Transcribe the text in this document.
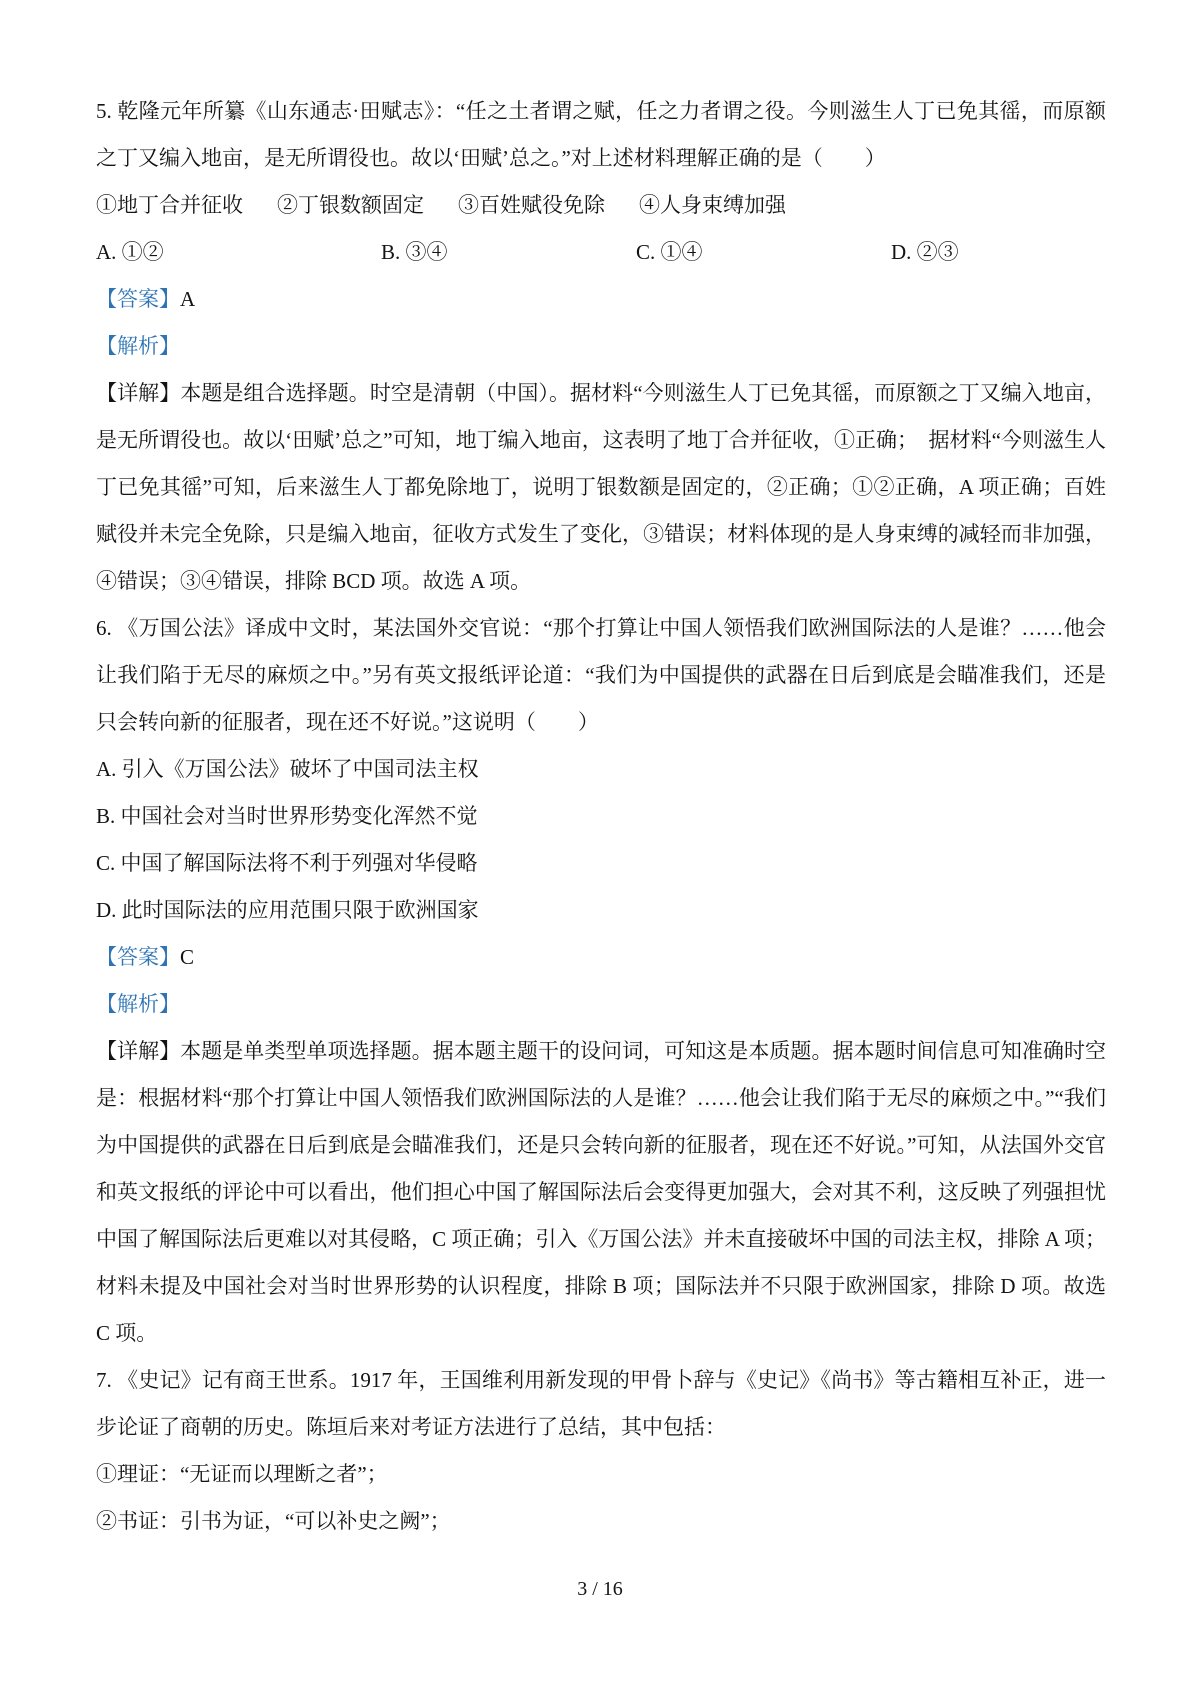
5. 乾隆元年所纂《山东通志·田赋志》：“任之土者谓之赋，任之力者谓之役。今则滋生人丁已免其徭，而原额之丁又编入地亩，是无所谓役也。故以‘田赋’总之。”对上述材料理解正确的是（　　）

①地丁合并征收 ②丁银数额固定 ③百姓赋役免除 ④人身束缚加强
A. ①②	B. ③④	C. ①④	D. ②③

【答案】A

【解析】

【详解】本题是组合选择题。时空是清朝（中国）。据材料“今则滋生人丁已免其徭，而原额之丁又编入地亩，是无所谓役也。故以‘田赋’总之”可知，地丁编入地亩，这表明了地丁合并征收，①正确；　据材料“今则滋生人丁已免其徭”可知，后来滋生人丁都免除地丁，说明丁银数额是固定的，②正确；①②正确，A 项正确；百姓赋役并未完全免除，只是编入地亩，征收方式发生了变化，③错误；材料体现的是人身束缚的减轻而非加强，④错误；③④错误，排除 BCD 项。故选 A 项。

6. 《万国公法》译成中文时，某法国外交官说：“那个打算让中国人领悟我们欧洲国际法的人是谁？……他会让我们陷于无尽的麻烦之中。”另有英文报纸评论道：“我们为中国提供的武器在日后到底是会瞄准我们，还是只会转向新的征服者，现在还不好说。”这说明（　　）

A. 引入《万国公法》破坏了中国司法主权

B. 中国社会对当时世界形势变化浑然不觉

C. 中国了解国际法将不利于列强对华侵略

D. 此时国际法的应用范围只限于欧洲国家

【答案】C

【解析】

【详解】本题是单类型单项选择题。据本题主题干的设问词，可知这是本质题。据本题时间信息可知准确时空是：根据材料“那个打算让中国人领悟我们欧洲国际法的人是谁？……他会让我们陷于无尽的麻烦之中。”“我们为中国提供的武器在日后到底是会瞄准我们，还是只会转向新的征服者，现在还不好说。”可知，从法国外交官和英文报纸的评论中可以看出，他们担心中国了解国际法后会变得更加强大，会对其不利，这反映了列强担忧中国了解国际法后更难以对其侵略，C 项正确；引入《万国公法》并未直接破坏中国的司法主权，排除 A 项；材料未提及中国社会对当时世界形势的认识程度，排除 B 项；国际法并不只限于欧洲国家，排除 D 项。故选 C 项。

7. 《史记》记有商王世系。1917 年，王国维利用新发现的甲骨卜辞与《史记》《尚书》等古籍相互补正，进一步论证了商朝的历史。陈垣后来对考证方法进行了总结，其中包括：

①理证：“无证而以理断之者”；

②书证：引书为证，“可以补史之阙”；

3 / 16
